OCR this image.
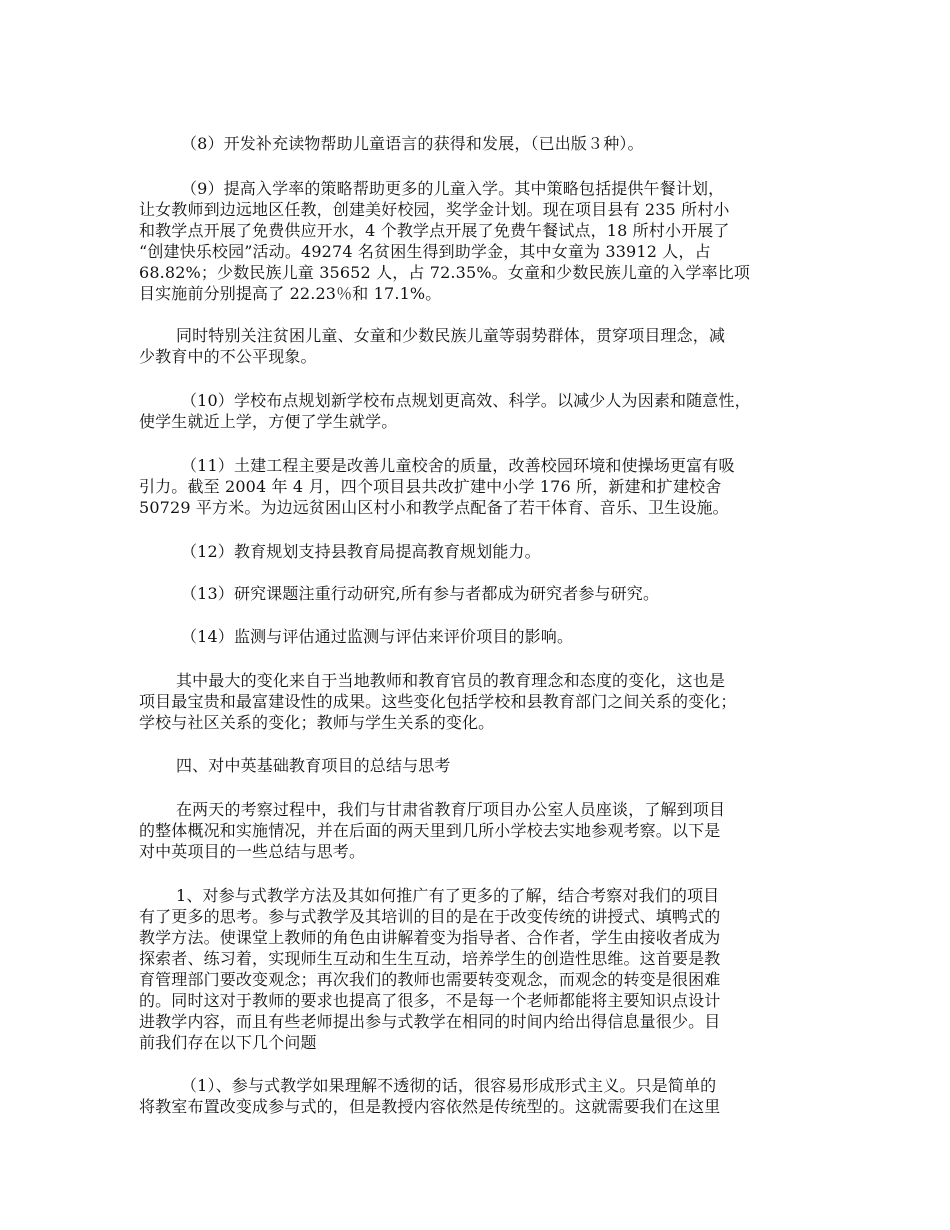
（8）开发补充读物帮助儿童语言的获得和发展，（已出版３种）。
（9）提高入学率的策略帮助更多的儿童入学。其中策略包括提供午餐计划，
让女教师到边远地区任教，创建美好校园，奖学金计划。现在项目县有 235 所村小
和教学点开展了免费供应开水，4 个教学点开展了免费午餐试点，18 所村小开展了
“创建快乐校园”活动。49274 名贫困生得到助学金，其中女童为 33912 人，占
68.82%；少数民族儿童 35652 人，占 72.35%。女童和少数民族儿童的入学率比项
目实施前分别提高了 22.23％和 17.1%。
同时特别关注贫困儿童、女童和少数民族儿童等弱势群体，贯穿项目理念，减
少教育中的不公平现象。
（10）学校布点规划新学校布点规划更高效、科学。以减少人为因素和随意性，
使学生就近上学，方便了学生就学。
（11）土建工程主要是改善儿童校舍的质量，改善校园环境和使操场更富有吸
引力。截至 2004 年 4 月，四个项目县共改扩建中小学 176 所，新建和扩建校舍
50729 平方米。为边远贫困山区村小和教学点配备了若干体育、音乐、卫生设施。
（12）教育规划支持县教育局提高教育规划能力。
（13）研究课题注重行动研究,所有参与者都成为研究者参与研究。
（14）监测与评估通过监测与评估来评价项目的影响。
其中最大的变化来自于当地教师和教育官员的教育理念和态度的变化，这也是
项目最宝贵和最富建设性的成果。这些变化包括学校和县教育部门之间关系的变化；
学校与社区关系的变化；教师与学生关系的变化。
四、对中英基础教育项目的总结与思考
在两天的考察过程中，我们与甘肃省教育厅项目办公室人员座谈，了解到项目
的整体概况和实施情况，并在后面的两天里到几所小学校去实地参观考察。以下是
对中英项目的一些总结与思考。
1、对参与式教学方法及其如何推广有了更多的了解，结合考察对我们的项目
有了更多的思考。参与式教学及其培训的目的是在于改变传统的讲授式、填鸭式的
教学方法。使课堂上教师的角色由讲解着变为指导者、合作者，学生由接收者成为
探索者、练习着，实现师生互动和生生互动，培养学生的创造性思维。这首要是教
育管理部门要改变观念；再次我们的教师也需要转变观念，而观念的转变是很困难
的。同时这对于教师的要求也提高了很多，不是每一个老师都能将主要知识点设计
进教学内容，而且有些老师提出参与式教学在相同的时间内给出得信息量很少。目
前我们存在以下几个问题
（1）、参与式教学如果理解不透彻的话，很容易形成形式主义。只是简单的
将教室布置改变成参与式的，但是教授内容依然是传统型的。这就需要我们在这里
